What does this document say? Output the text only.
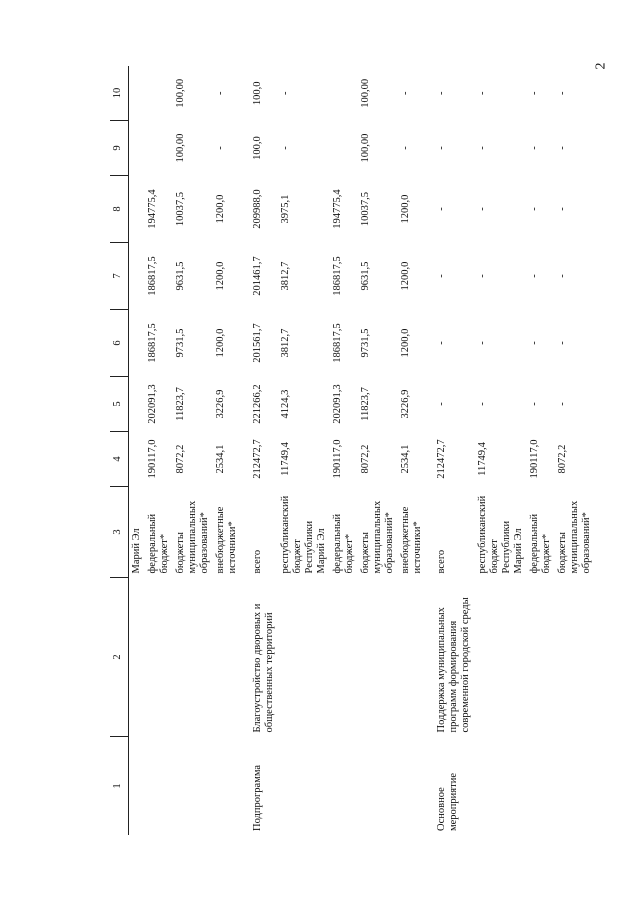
2
1	2	3	4	5	6	7	8	9	10
		Марий Эл							
		федеральный бюджет*	190117,0	202091,3	186817,5	186817,5	194775,4		
		бюджеты муниципальных образований*	8072,2	11823,7	9731,5	9631,5	10037,5	100,00	100,00
		внебюджетные источники*	2534,1	3226,9	1200,0	1200,0	1200,0	-	-
Подпрограмма	Благоустройство дворовых и общественных территорий	всего	212472,7	221266,2	201561,7	201461,7	209988,0	100,0	100,0
		республиканский бюджет Республики Марий Эл	11749,4	4124,3	3812,7	3812,7	3975,1	-	-
		федеральный бюджет*	190117,0	202091,3	186817,5	186817,5	194775,4		
		бюджеты муниципальных образований*	8072,2	11823,7	9731,5	9631,5	10037,5	100,00	100,00
		внебюджетные источники*	2534,1	3226,9	1200,0	1200,0	1200,0	-	-
Основное мероприятие	Поддержка муниципальных программ формирования современной городской среды	всего	212472,7	-	-	-	-	-	-
		республиканский бюджет Республики Марий Эл	11749,4	-	-	-	-	-	-
		федеральный бюджет*	190117,0	-	-	-	-	-	-
		бюджеты муниципальных образований*	8072,2	-	-	-	-	-	-
